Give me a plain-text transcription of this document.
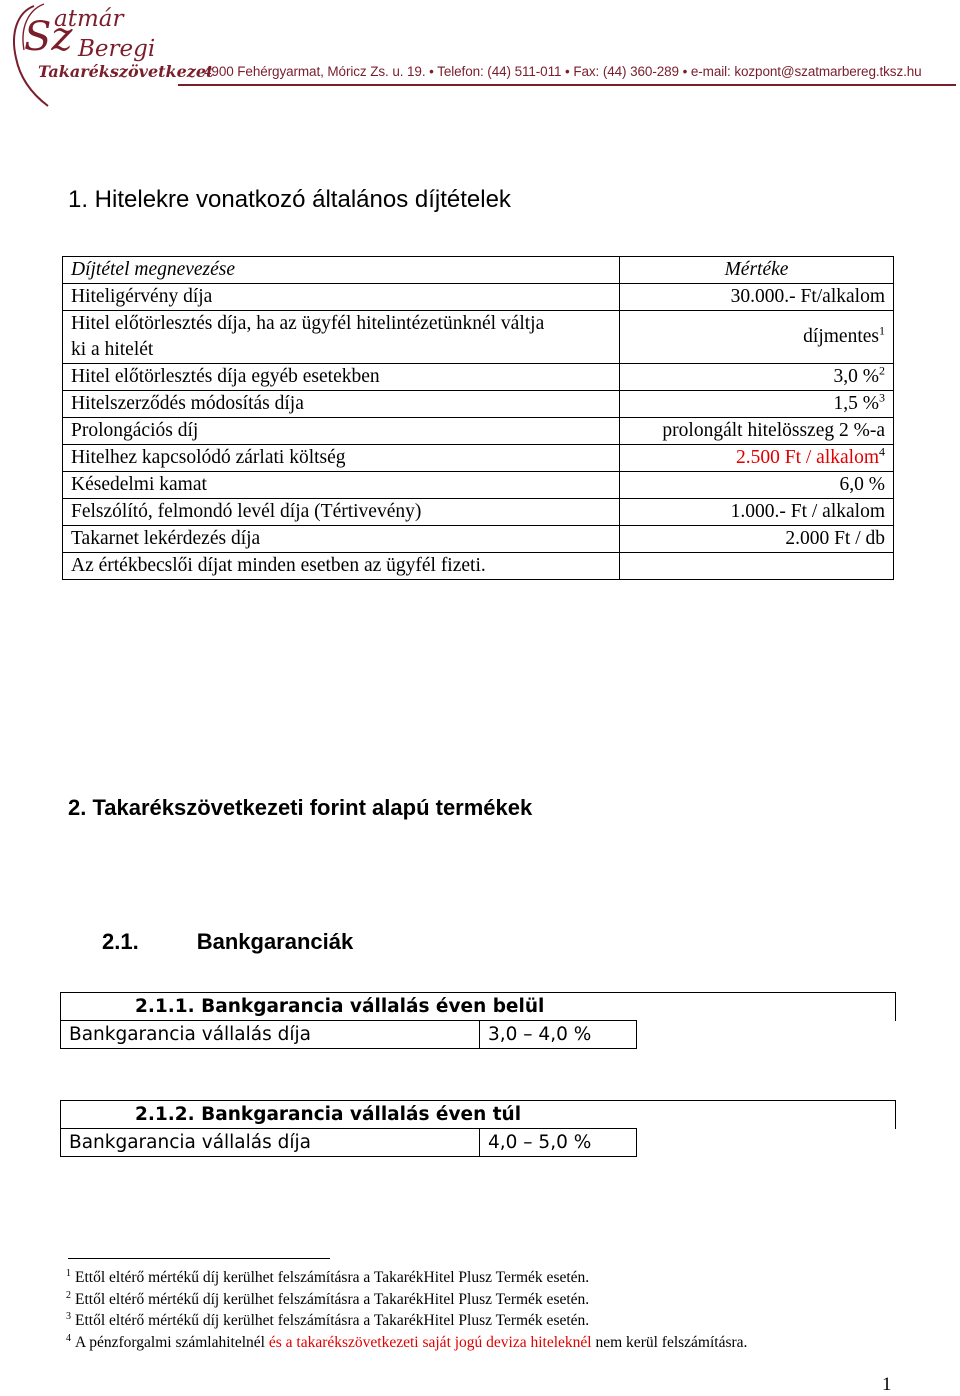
atmár
Sz Beregi
Takarékszövetkezet
4900 Fehérgyarmat, Móricz Zs. u. 19. • Telefon: (44) 511-011 • Fax: (44) 360-289 • e-mail: kozpont@szatmarbereg.tksz.hu
1. Hitelekre vonatkozó általános díjtételek
Díjtétel megnevezése	Mértéke
Hiteligérvény díja	30.000.- Ft/alkalom
Hitel előtörlesztés díja, ha az ügyfél hitelintézetünknél váltja
ki a hitelét	díjmentes$^1$
Hitel előtörlesztés díja egyéb esetekben	3,0 %$^2$
Hitelszerződés módosítás díja	1,5 %$^3$
Prolongációs díj	prolongált hitelösszeg 2 %-a
Hitelhez kapcsolódó zárlati költség	2.500 Ft / alkalom$^4$
Késedelmi kamat	6,0 %
Felszólító, felmondó levél díja (Tértivevény)	1.000.- Ft / alkalom
Takarnet lekérdezés díja	2.000 Ft / db
Az értékbecslői díjat minden esetben az ügyfél fizeti.	
2. Takarékszövetkezeti forint alapú termékek
2.1.	Bankgaranciák
2.1.1. Bankgarancia vállalás éven belül
Bankgarancia vállalás díja	3,0 – 4,0 %	
2.1.2. Bankgarancia vállalás éven túl
Bankgarancia vállalás díja	4,0 – 5,0 %	
$^1$ Ettől eltérő mértékű díj kerülhet felszámításra a TakarékHitel Plusz Termék esetén.
$^2$ Ettől eltérő mértékű díj kerülhet felszámításra a TakarékHitel Plusz Termék esetén.
$^3$ Ettől eltérő mértékű díj kerülhet felszámításra a TakarékHitel Plusz Termék esetén.
$^4$ A pénzforgalmi számlahitelnél és a takarékszövetkezeti saját jogú deviza hiteleknél nem kerül felszámításra.
1
